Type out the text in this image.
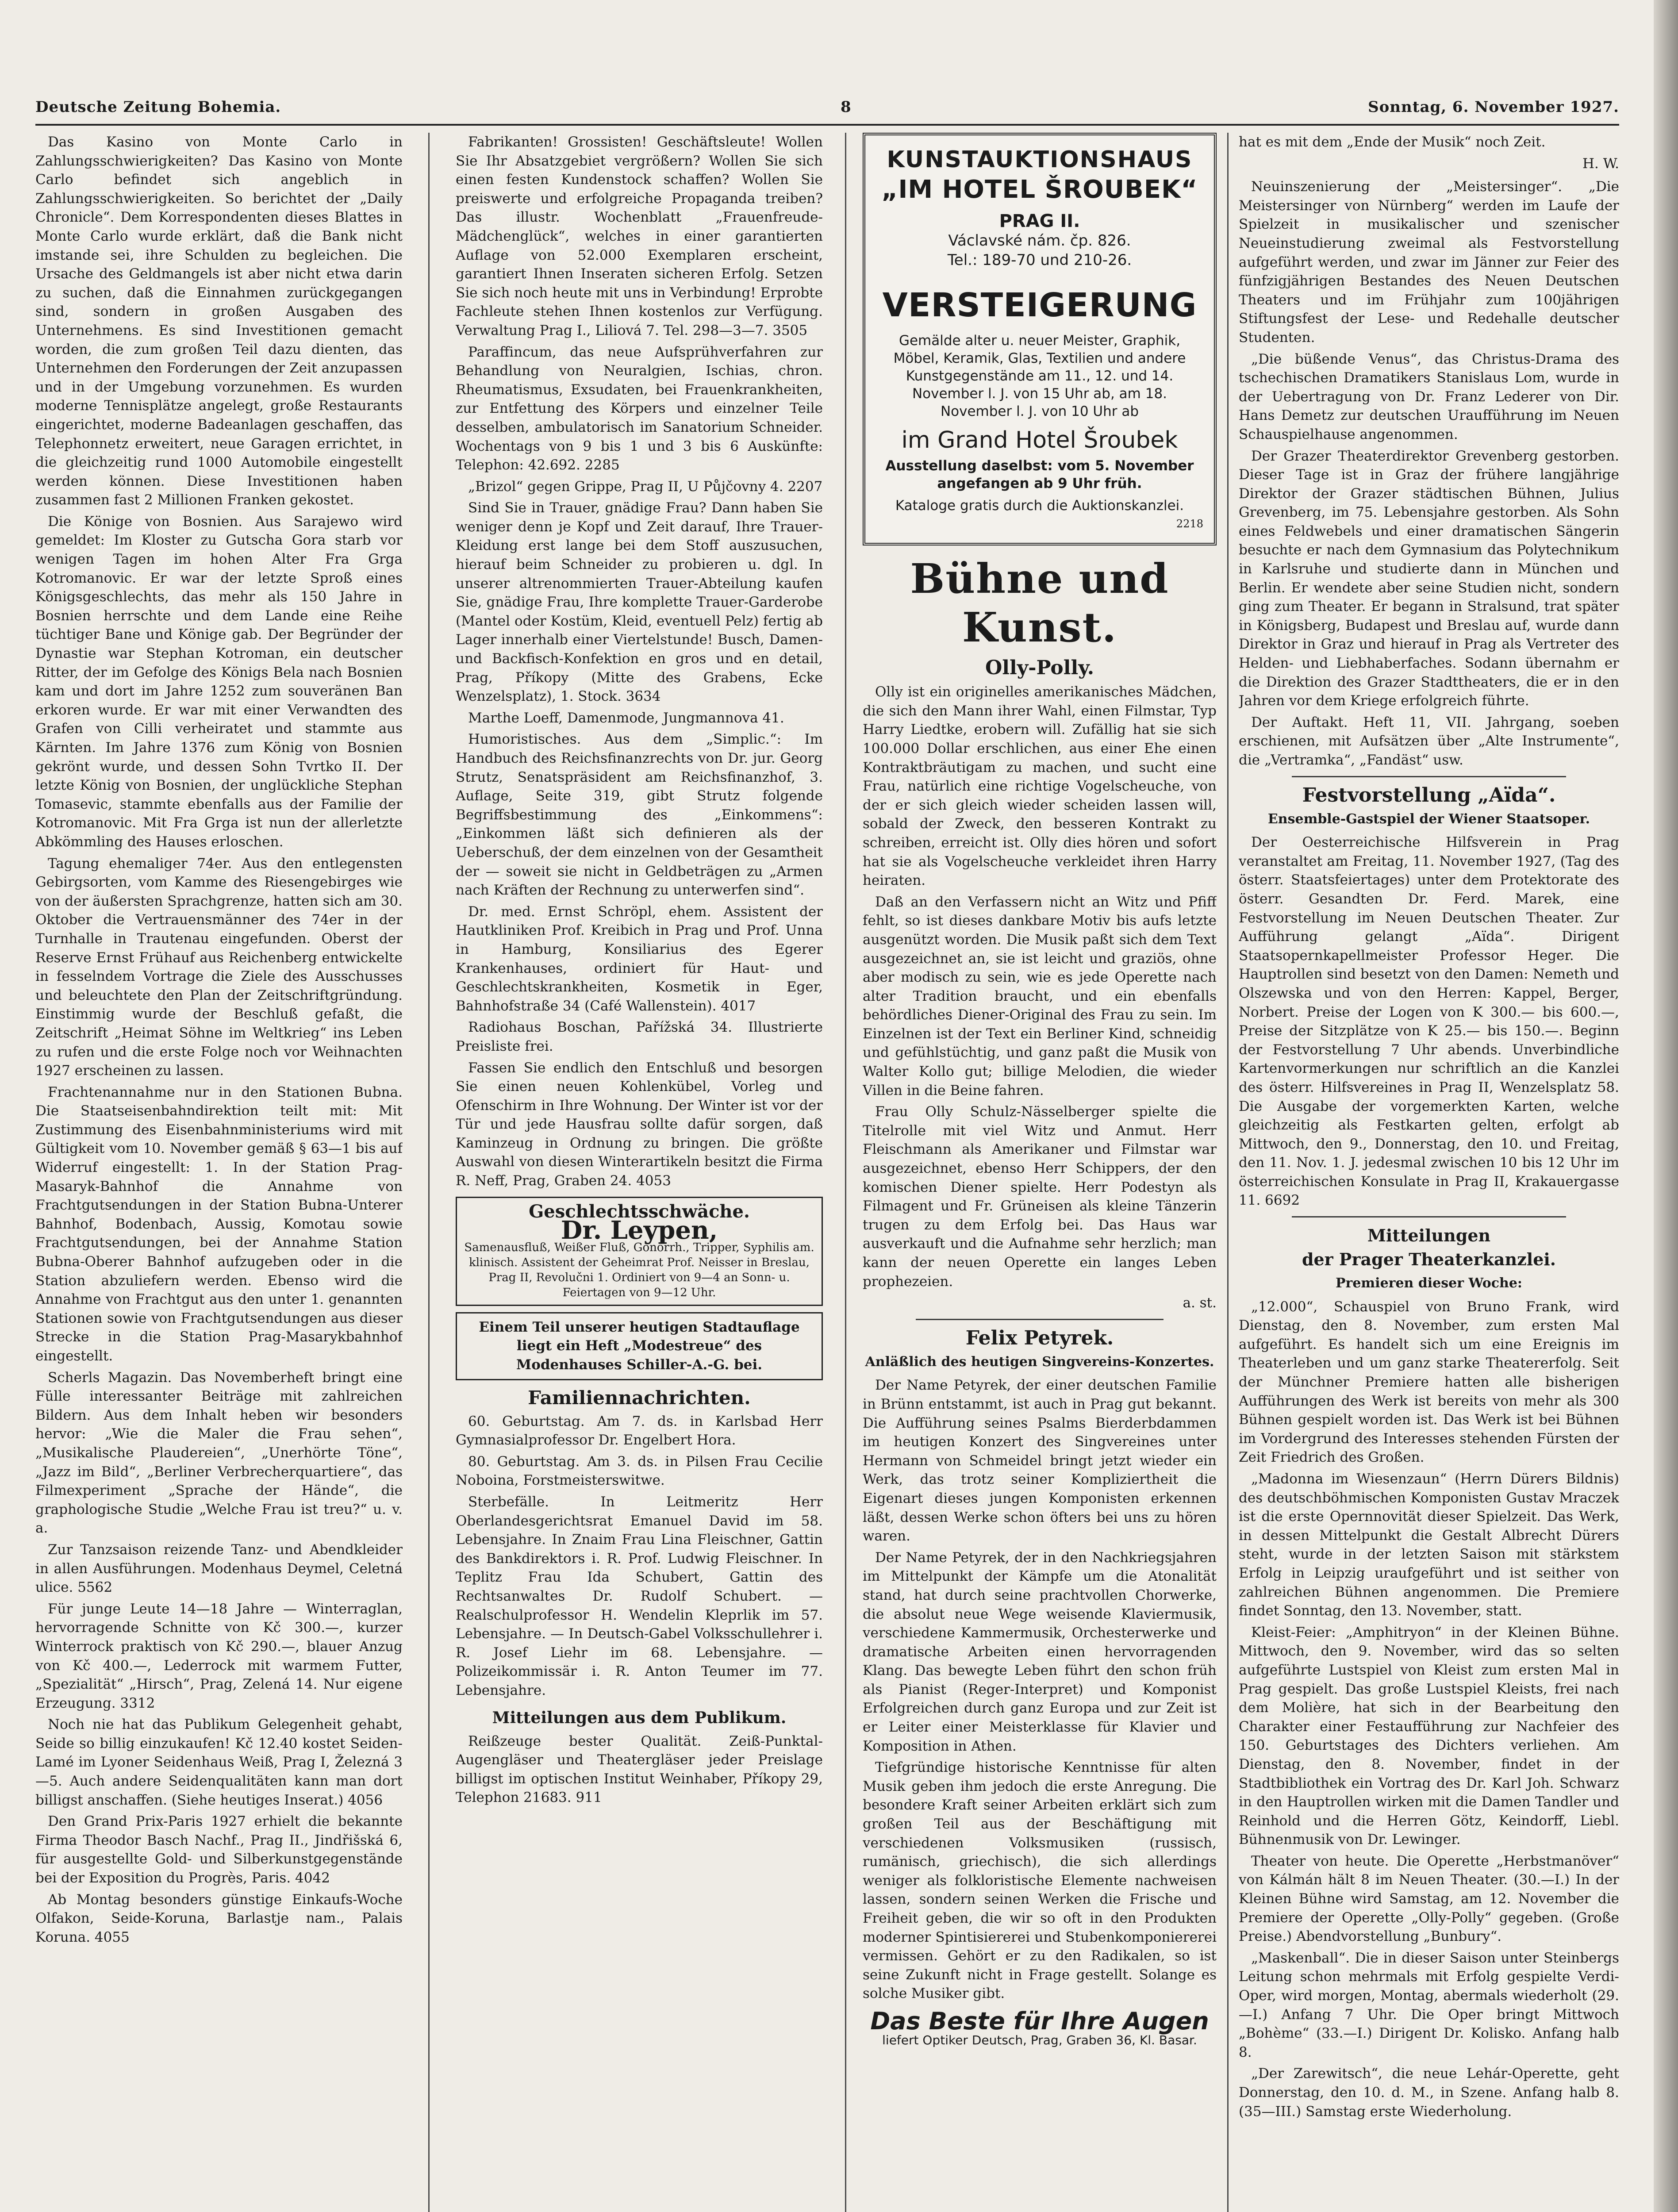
Deutsche Zeitung Bohemia.	8	Sonntag, 6. November 1927.

Das Kasino von Monte Carlo in Zahlungsschwierigkeiten? Das Kasino von Monte Carlo befindet sich angeblich in Zahlungsschwierigkeiten. So berichtet der „Daily Chronicle“. Dem Korrespondenten dieses Blattes in Monte Carlo wurde erklärt, daß die Bank nicht imstande sei, ihre Schulden zu begleichen. Die Ursache des Geldmangels ist aber nicht etwa darin zu suchen, daß die Einnahmen zurückgegangen sind, sondern in großen Ausgaben des Unternehmens. Es sind Investitionen gemacht worden, die zum großen Teil dazu dienten, das Unternehmen den Forderungen der Zeit anzupassen und in der Umgebung vorzunehmen. Es wurden moderne Tennisplätze angelegt, große Restaurants eingerichtet, moderne Badeanlagen geschaffen, das Telephonnetz erweitert, neue Garagen errichtet, in die gleichzeitig rund 1000 Automobile eingestellt werden können. Diese Investitionen haben zusammen fast 2 Millionen Franken gekostet.

Die Könige von Bosnien. Aus Sarajewo wird gemeldet: Im Kloster zu Gutscha Gora starb vor wenigen Tagen im hohen Alter Fra Grga Kotromanovic. Er war der letzte Sproß eines Königsgeschlechts, das mehr als 150 Jahre in Bosnien herrschte und dem Lande eine Reihe tüchtiger Bane und Könige gab. Der Begründer der Dynastie war Stephan Kotroman, ein deutscher Ritter, der im Gefolge des Königs Bela nach Bosnien kam und dort im Jahre 1252 zum souveränen Ban erkoren wurde. Er war mit einer Verwandten des Grafen von Cilli verheiratet und stammte aus Kärnten. Im Jahre 1376 zum König von Bosnien gekrönt wurde, und dessen Sohn Tvrtko II. Der letzte König von Bosnien, der unglückliche Stephan Tomasevic, stammte ebenfalls aus der Familie der Kotromanovic. Mit Fra Grga ist nun der allerletzte Abkömmling des Hauses erloschen.

Tagung ehemaliger 74er. Aus den entlegensten Gebirgsorten, vom Kamme des Riesengebirges wie von der äußersten Sprachgrenze, hatten sich am 30. Oktober die Vertrauensmänner des 74er in der Turnhalle in Trautenau eingefunden. Oberst der Reserve Ernst Frühauf aus Reichenberg entwickelte in fesselndem Vortrage die Ziele des Ausschusses und beleuchtete den Plan der Zeitschriftgründung. Einstimmig wurde der Beschluß gefaßt, die Zeitschrift „Heimat Söhne im Weltkrieg“ ins Leben zu rufen und die erste Folge noch vor Weihnachten 1927 erscheinen zu lassen.

Frachtenannahme nur in den Stationen Bubna. Die Staatseisenbahndirektion teilt mit: Mit Zustimmung des Eisenbahnministeriums wird mit Gültigkeit vom 10. November gemäß § 63—1 bis auf Widerruf eingestellt: 1. In der Station Prag-Masaryk-Bahnhof die Annahme von Frachtgutsendungen in der Station Bubna-Unterer Bahnhof, Bodenbach, Aussig, Komotau sowie Frachtgutsendungen, bei der Annahme Station Bubna-Oberer Bahnhof aufzugeben oder in die Station abzuliefern werden. Ebenso wird die Annahme von Frachtgut aus den unter 1. genannten Stationen sowie von Frachtgutsendungen aus dieser Strecke in die Station Prag-Masarykbahnhof eingestellt.

Scherls Magazin. Das Novemberheft bringt eine Fülle interessanter Beiträge mit zahlreichen Bildern. Aus dem Inhalt heben wir besonders hervor: „Wie die Maler die Frau sehen“, „Musikalische Plaudereien“, „Unerhörte Töne“, „Jazz im Bild“, „Berliner Verbrecherquartiere“, das Filmexperiment „Sprache der Hände“, die graphologische Studie „Welche Frau ist treu?“ u. v. a.

Zur Tanzsaison reizende Tanz- und Abendkleider in allen Ausführungen. Modenhaus Deymel, Celetná ulice. 5562

Für junge Leute 14—18 Jahre — Winterraglan, hervorragende Schnitte von Kč 300.—, kurzer Winterrock praktisch von Kč 290.—, blauer Anzug von Kč 400.—, Lederrock mit warmem Futter, „Spezialität“ „Hirsch“, Prag, Zelená 14. Nur eigene Erzeugung. 3312

Noch nie hat das Publikum Gelegenheit gehabt, Seide so billig einzukaufen! Kč 12.40 kostet Seiden-Lamé im Lyoner Seidenhaus Weiß, Prag I, Železná 3—5. Auch andere Seidenqualitäten kann man dort billigst anschaffen. (Siehe heutiges Inserat.) 4056

Den Grand Prix-Paris 1927 erhielt die bekannte Firma Theodor Basch Nachf., Prag II., Jindřišská 6, für ausgestellte Gold- und Silberkunstgegenstände bei der Exposition du Progrès, Paris. 4042

Ab Montag besonders günstige Einkaufs-Woche Olfakon, Seide-Koruna, Barlastje nam., Palais Koruna. 4055

Fabrikanten! Grossisten! Geschäftsleute! Wollen Sie Ihr Absatzgebiet vergrößern? Wollen Sie sich einen festen Kundenstock schaffen? Wollen Sie preiswerte und erfolgreiche Propaganda treiben? Das illustr. Wochenblatt „Frauenfreude-Mädchenglück“, welches in einer garantierten Auflage von 52.000 Exemplaren erscheint, garantiert Ihnen Inseraten sicheren Erfolg. Setzen Sie sich noch heute mit uns in Verbindung! Erprobte Fachleute stehen Ihnen kostenlos zur Verfügung. Verwaltung Prag I., Liliová 7. Tel. 298—3—7. 3505

Paraffincum, das neue Aufsprühverfahren zur Behandlung von Neuralgien, Ischias, chron. Rheumatismus, Exsudaten, bei Frauenkrankheiten, zur Entfettung des Körpers und einzelner Teile desselben, ambulatorisch im Sanatorium Schneider. Wochentags von 9 bis 1 und 3 bis 6 Auskünfte: Telephon: 42.692. 2285

„Brizol“ gegen Grippe, Prag II, U Půjčovny 4. 2207

Sind Sie in Trauer, gnädige Frau? Dann haben Sie weniger denn je Kopf und Zeit darauf, Ihre Trauer-Kleidung erst lange bei dem Stoff auszusuchen, hierauf beim Schneider zu probieren u. dgl. In unserer altrenommierten Trauer-Abteilung kaufen Sie, gnädige Frau, Ihre komplette Trauer-Garderobe (Mantel oder Kostüm, Kleid, eventuell Pelz) fertig ab Lager innerhalb einer Viertelstunde! Busch, Damen- und Backfisch-Konfektion en gros und en detail, Prag, Příkopy (Mitte des Grabens, Ecke Wenzelsplatz), 1. Stock. 3634

Marthe Loeff, Damenmode, Jungmannova 41.

Humoristisches. Aus dem „Simplic.“: Im Handbuch des Reichsfinanzrechts von Dr. jur. Georg Strutz, Senatspräsident am Reichsfinanzhof, 3. Auflage, Seite 319, gibt Strutz folgende Begriffsbestimmung des „Einkommens“: „Einkommen läßt sich definieren als der Ueberschuß, der dem einzelnen von der Gesamtheit der — soweit sie nicht in Geldbeträgen zu „Armen nach Kräften der Rechnung zu unterwerfen sind“.

Dr. med. Ernst Schröpl, ehem. Assistent der Hautkliniken Prof. Kreibich in Prag und Prof. Unna in Hamburg, Konsiliarius des Egerer Krankenhauses, ordiniert für Haut- und Geschlechtskrankheiten, Kosmetik in Eger, Bahnhofstraße 34 (Café Wallenstein). 4017

Radiohaus Boschan, Pařížská 34. Illustrierte Preisliste frei.

Fassen Sie endlich den Entschluß und besorgen Sie einen neuen Kohlenkübel, Vorleg und Ofenschirm in Ihre Wohnung. Der Winter ist vor der Tür und jede Hausfrau sollte dafür sorgen, daß Kaminzeug in Ordnung zu bringen. Die größte Auswahl von diesen Winterartikeln besitzt die Firma R. Neff, Prag, Graben 24. 4053

Geschlechtsschwäche.
Dr. Leypen,
Samenausfluß, Weißer Fluß, Gonorrh., Tripper, Syphilis am. klinisch. Assistent der Geheimrat Prof. Neisser in Breslau, Prag II, Revolučni 1. Ordiniert von 9—4 an Sonn- u. Feiertagen von 9—12 Uhr.
Einem Teil unserer heutigen Stadtauflage liegt ein Heft „Modestreue“ des Modenhauses Schiller-A.-G. bei.
Familiennachrichten.

60. Geburtstag. Am 7. ds. in Karlsbad Herr Gymnasialprofessor Dr. Engelbert Hora.

80. Geburtstag. Am 3. ds. in Pilsen Frau Cecilie Noboina, Forstmeisterswitwe.

Sterbefälle. In Leitmeritz Herr Oberlandesgerichtsrat Emanuel David im 58. Lebensjahre. In Znaim Frau Lina Fleischner, Gattin des Bankdirektors i. R. Prof. Ludwig Fleischner. In Teplitz Frau Ida Schubert, Gattin des Rechtsanwaltes Dr. Rudolf Schubert. — Realschulprofessor H. Wendelin Kleprlik im 57. Lebensjahre. — In Deutsch-Gabel Volksschullehrer i. R. Josef Liehr im 68. Lebensjahre. — Polizeikommissär i. R. Anton Teumer im 77. Lebensjahre.

Mitteilungen aus dem Publikum.

Reißzeuge bester Qualität. Zeiß-Punktal-Augengläser und Theatergläser jeder Preislage billigst im optischen Institut Weinhaber, Příkopy 29, Telephon 21683. 911

KUNSTAUKTIONSHAUS
„IM HOTEL ŠROUBEK“
PRAG II.
Václavské nám. čp. 826.
Tel.: 189-70 und 210-26.
VERSTEIGERUNG
Gemälde alter u. neuer Meister, Graphik, Möbel, Keramik, Glas, Textilien und andere Kunstgegenstände am 11., 12. und 14. November l. J. von 15 Uhr ab, am 18. November l. J. von 10 Uhr ab
im Grand Hotel Šroubek
Ausstellung daselbst: vom 5. November angefangen ab 9 Uhr früh.
Kataloge gratis durch die Auktionskanzlei.
2218
Bühne und Kunst.
Olly-Polly.

Olly ist ein originelles amerikanisches Mädchen, die sich den Mann ihrer Wahl, einen Filmstar, Typ Harry Liedtke, erobern will. Zufällig hat sie sich 100.000 Dollar erschlichen, aus einer Ehe einen Kontraktbräutigam zu machen, und sucht eine Frau, natürlich eine richtige Vogelscheuche, von der er sich gleich wieder scheiden lassen will, sobald der Zweck, den besseren Kontrakt zu schreiben, erreicht ist. Olly dies hören und sofort hat sie als Vogelscheuche verkleidet ihren Harry heiraten.

Daß an den Verfassern nicht an Witz und Pfiff fehlt, so ist dieses dankbare Motiv bis aufs letzte ausgenützt worden. Die Musik paßt sich dem Text ausgezeichnet an, sie ist leicht und graziös, ohne aber modisch zu sein, wie es jede Operette nach alter Tradition braucht, und ein ebenfalls behördliches Diener-Original des Frau zu sein. Im Einzelnen ist der Text ein Berliner Kind, schneidig und gefühlstüchtig, und ganz paßt die Musik von Walter Kollo gut; billige Melodien, die wieder Villen in die Beine fahren.

Frau Olly Schulz-Nässelberger spielte die Titelrolle mit viel Witz und Anmut. Herr Fleischmann als Amerikaner und Filmstar war ausgezeichnet, ebenso Herr Schippers, der den komischen Diener spielte. Herr Podestyn als Filmagent und Fr. Grüneisen als kleine Tänzerin trugen zu dem Erfolg bei. Das Haus war ausverkauft und die Aufnahme sehr herzlich; man kann der neuen Operette ein langes Leben prophezeien.

a. st.
Felix Petyrek.
Anläßlich des heutigen Singvereins-Konzertes.

Der Name Petyrek, der einer deutschen Familie in Brünn entstammt, ist auch in Prag gut bekannt. Die Aufführung seines Psalms Bierderbdammen im heutigen Konzert des Singvereines unter Hermann von Schmeidel bringt jetzt wieder ein Werk, das trotz seiner Kompliziertheit die Eigenart dieses jungen Komponisten erkennen läßt, dessen Werke schon öfters bei uns zu hören waren.

Der Name Petyrek, der in den Nachkriegsjahren im Mittelpunkt der Kämpfe um die Atonalität stand, hat durch seine prachtvollen Chorwerke, die absolut neue Wege weisende Klaviermusik, verschiedene Kammermusik, Orchesterwerke und dramatische Arbeiten einen hervorragenden Klang. Das bewegte Leben führt den schon früh als Pianist (Reger-Interpret) und Komponist Erfolgreichen durch ganz Europa und zur Zeit ist er Leiter einer Meisterklasse für Klavier und Komposition in Athen.

Tiefgründige historische Kenntnisse für alten Musik geben ihm jedoch die erste Anregung. Die besondere Kraft seiner Arbeiten erklärt sich zum großen Teil aus der Beschäftigung mit verschiedenen Volksmusiken (russisch, rumänisch, griechisch), die sich allerdings weniger als folkloristische Elemente nachweisen lassen, sondern seinen Werken die Frische und Freiheit geben, die wir so oft in den Produkten moderner Spintisiererei und Stubenkomponiererei vermissen. Gehört er zu den Radikalen, so ist seine Zukunft nicht in Frage gestellt. Solange es solche Musiker gibt.

Das Beste für Ihre Augen
liefert Optiker Deutsch, Prag, Graben 36, Kl. Basar.

hat es mit dem „Ende der Musik“ noch Zeit.

H. W.

Neuinszenierung der „Meistersinger“. „Die Meistersinger von Nürnberg“ werden im Laufe der Spielzeit in musikalischer und szenischer Neueinstudierung zweimal als Festvorstellung aufgeführt werden, und zwar im Jänner zur Feier des fünfzigjährigen Bestandes des Neuen Deutschen Theaters und im Frühjahr zum 100jährigen Stiftungsfest der Lese- und Redehalle deutscher Studenten.

„Die büßende Venus“, das Christus-Drama des tschechischen Dramatikers Stanislaus Lom, wurde in der Uebertragung von Dr. Franz Lederer von Dir. Hans Demetz zur deutschen Uraufführung im Neuen Schauspielhause angenommen.

Der Grazer Theaterdirektor Grevenberg gestorben. Dieser Tage ist in Graz der frühere langjährige Direktor der Grazer städtischen Bühnen, Julius Grevenberg, im 75. Lebensjahre gestorben. Als Sohn eines Feldwebels und einer dramatischen Sängerin besuchte er nach dem Gymnasium das Polytechnikum in Karlsruhe und studierte dann in München und Berlin. Er wendete aber seine Studien nicht, sondern ging zum Theater. Er begann in Stralsund, trat später in Königsberg, Budapest und Breslau auf, wurde dann Direktor in Graz und hierauf in Prag als Vertreter des Helden- und Liebhaberfaches. Sodann übernahm er die Direktion des Grazer Stadttheaters, die er in den Jahren vor dem Kriege erfolgreich führte.

Der Auftakt. Heft 11, VII. Jahrgang, soeben erschienen, mit Aufsätzen über „Alte Instrumente“, die „Vertramka“, „Fandäst“ usw.

Festvorstellung „Aïda“.
Ensemble-Gastspiel der Wiener Staatsoper.

Der Oesterreichische Hilfsverein in Prag veranstaltet am Freitag, 11. November 1927, (Tag des österr. Staatsfeiertages) unter dem Protektorate des österr. Gesandten Dr. Ferd. Marek, eine Festvorstellung im Neuen Deutschen Theater. Zur Aufführung gelangt „Aïda“. Dirigent Staatsopernkapellmeister Professor Heger. Die Hauptrollen sind besetzt von den Damen: Nemeth und Olszewska und von den Herren: Kappel, Berger, Norbert. Preise der Logen von K 300.— bis 600.—, Preise der Sitzplätze von K 25.— bis 150.—. Beginn der Festvorstellung 7 Uhr abends. Unverbindliche Kartenvormerkungen nur schriftlich an die Kanzlei des österr. Hilfsvereines in Prag II, Wenzelsplatz 58. Die Ausgabe der vorgemerkten Karten, welche gleichzeitig als Festkarten gelten, erfolgt ab Mittwoch, den 9., Donnerstag, den 10. und Freitag, den 11. Nov. 1. J. jedesmal zwischen 10 bis 12 Uhr im österreichischen Konsulate in Prag II, Krakauergasse 11. 6692

Mitteilungen
der Prager Theaterkanzlei.
Premieren dieser Woche:

„12.000“, Schauspiel von Bruno Frank, wird Dienstag, den 8. November, zum ersten Mal aufgeführt. Es handelt sich um eine Ereignis im Theaterleben und um ganz starke Theatererfolg. Seit der Münchner Premiere hatten alle bisherigen Aufführungen des Werk ist bereits von mehr als 300 Bühnen gespielt worden ist. Das Werk ist bei Bühnen im Vordergrund des Interesses stehenden Fürsten der Zeit Friedrich des Großen.

„Madonna im Wiesenzaun“ (Herrn Dürers Bildnis) des deutschböhmischen Komponisten Gustav Mraczek ist die erste Opernnovität dieser Spielzeit. Das Werk, in dessen Mittelpunkt die Gestalt Albrecht Dürers steht, wurde in der letzten Saison mit stärkstem Erfolg in Leipzig uraufgeführt und ist seither von zahlreichen Bühnen angenommen. Die Premiere findet Sonntag, den 13. November, statt.

Kleist-Feier: „Amphitryon“ in der Kleinen Bühne. Mittwoch, den 9. November, wird das so selten aufgeführte Lustspiel von Kleist zum ersten Mal in Prag gespielt. Das große Lustspiel Kleists, frei nach dem Molière, hat sich in der Bearbeitung den Charakter einer Festaufführung zur Nachfeier des 150. Geburtstages des Dichters verliehen. Am Dienstag, den 8. November, findet in der Stadtbibliothek ein Vortrag des Dr. Karl Joh. Schwarz in den Hauptrollen wirken mit die Damen Tandler und Reinhold und die Herren Götz, Keindorff, Liebl. Bühnenmusik von Dr. Lewinger.

Theater von heute. Die Operette „Herbstmanöver“ von Kálmán hält 8 im Neuen Theater. (30.—I.) In der Kleinen Bühne wird Samstag, am 12. November die Premiere der Operette „Olly-Polly“ gegeben. (Große Preise.) Abendvorstellung „Bunbury“.

„Maskenball“. Die in dieser Saison unter Steinbergs Leitung schon mehrmals mit Erfolg gespielte Verdi-Oper, wird morgen, Montag, abermals wiederholt (29.—I.) Anfang 7 Uhr. Die Oper bringt Mittwoch „Bohème“ (33.—I.) Dirigent Dr. Kolisko. Anfang halb 8.

„Der Zarewitsch“, die neue Lehár-Operette, geht Donnerstag, den 10. d. M., in Szene. Anfang halb 8. (35—III.) Samstag erste Wiederholung.
